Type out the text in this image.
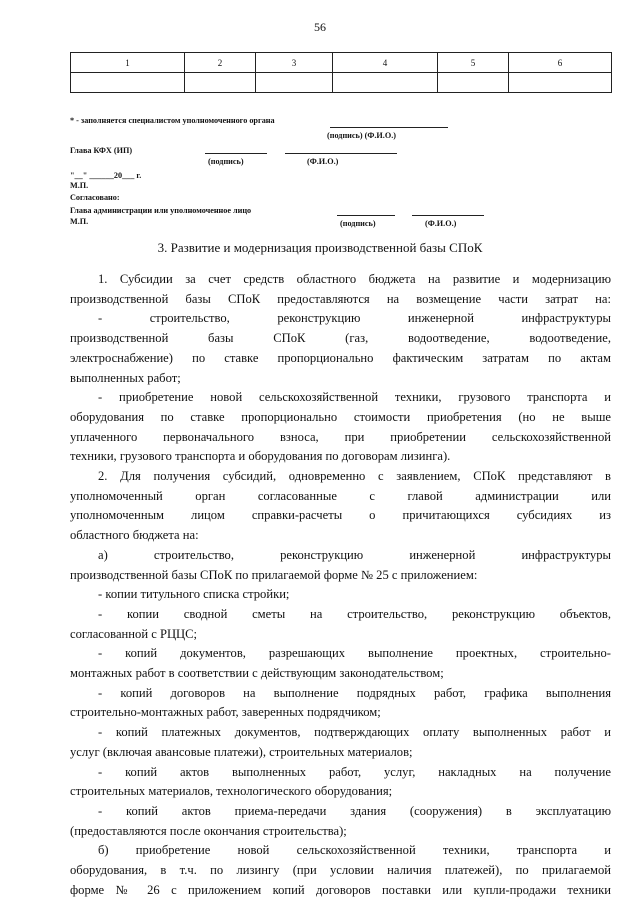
56
1	2	3	4	5	6

* - заполняется специалистом уполномоченного органа
(подпись) (Ф.И.О.)
Глава КФХ (ИП)
(подпись)	(Ф.И.О.)
"__" ______20___ г.
М.П.
Согласовано:
Глава администрации или уполномоченное лицо
М.П.	(подпись)	(Ф.И.О.)
3. Развитие и модернизация производственной базы СПоК

1. Субсидии за счет средств областного бюджета на развитие и модернизацию

производственной базы СПоК предоставляются на возмещение части затрат на:

- строительство, реконструкцию инженерной инфраструктуры

производственной базы СПоК (газ, водоотведение, водоотведение,

электроснабжение) по ставке пропорционально фактическим затратам по актам

выполненных работ;

- приобретение новой сельскохозяйственной техники, грузового транспорта и

оборудования по ставке пропорционально стоимости приобретения (но не выше

уплаченного первоначального взноса, при приобретении сельскохозяйственной

техники, грузового транспорта и оборудования по договорам лизинга).

2. Для получения субсидий, одновременно с заявлением, СПоК представляют в

уполномоченный орган согласованные с главой администрации или

уполномоченным лицом справки-расчеты о причитающихся субсидиях из

областного бюджета на:

а) строительство, реконструкцию инженерной инфраструктуры

производственной базы СПоК по прилагаемой форме № 25 с приложением:

- копии титульного списка стройки;

- копии сводной сметы на строительство, реконструкцию объектов,

согласованной с РЦЦС;

- копий документов, разрешающих выполнение проектных, строительно-

монтажных работ в соответствии с действующим законодательством;

- копий договоров на выполнение подрядных работ, графика выполнения

строительно-монтажных работ, заверенных подрядчиком;

- копий платежных документов, подтверждающих оплату выполненных работ и

услуг (включая авансовые платежи), строительных материалов;

- копий актов выполненных работ, услуг, накладных на получение

строительных материалов, технологического оборудования;

- копий актов приема-передачи здания (сооружения) в эксплуатацию

(предоставляются после окончания строительства);

б) приобретение новой сельскохозяйственной техники, транспорта и

оборудования, в т.ч. по лизингу (при условии наличия платежей), по прилагаемой

форме № 26 с приложением копий договоров поставки или купли-продажи техники
